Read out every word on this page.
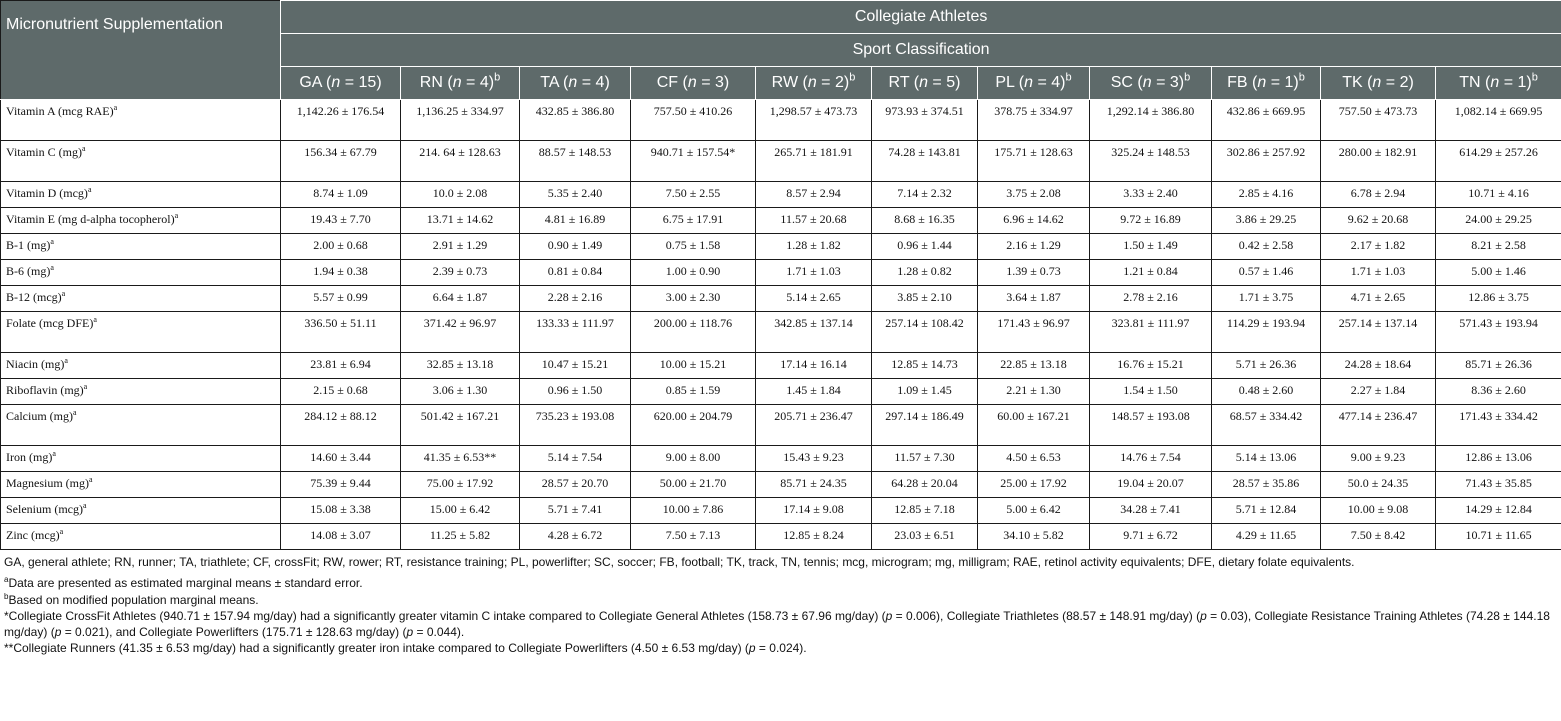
Micronutrient Supplementation	Collegiate Athletes										
	Sport Classification										
	GA (n = 15)	RN (n = 4)$^b$	TA (n = 4)	CF (n = 3)	RW (n = 2)$^b$	RT (n = 5)	PL (n = 4)$^b$	SC (n = 3)$^b$	FB (n = 1)$^b$	TK (n = 2)	TN (n = 1)$^b$
Vitamin A (mcg RAE)$^a$	1,142.26 ± 176.54	1,136.25 ± 334.97	432.85 ± 386.80	757.50 ± 410.26	1,298.57 ± 473.73	973.93 ± 374.51	378.75 ± 334.97	1,292.14 ± 386.80	432.86 ± 669.95	757.50 ± 473.73	1,082.14 ± 669.95
Vitamin C (mg)$^a$	156.34 ± 67.79	214. 64 ± 128.63	88.57 ± 148.53	940.71 ± 157.54*	265.71 ± 181.91	74.28 ± 143.81	175.71 ± 128.63	325.24 ± 148.53	302.86 ± 257.92	280.00 ± 182.91	614.29 ± 257.26
Vitamin D (mcg)$^a$	8.74 ± 1.09	10.0 ± 2.08	5.35 ± 2.40	7.50 ± 2.55	8.57 ± 2.94	7.14 ± 2.32	3.75 ± 2.08	3.33 ± 2.40	2.85 ± 4.16	6.78 ± 2.94	10.71 ± 4.16
Vitamin E (mg d-alpha tocopherol)$^a$	19.43 ± 7.70	13.71 ± 14.62	4.81 ± 16.89	6.75 ± 17.91	11.57 ± 20.68	8.68 ± 16.35	6.96 ± 14.62	9.72 ± 16.89	3.86 ± 29.25	9.62 ± 20.68	24.00 ± 29.25
B-1 (mg)$^a$	2.00 ± 0.68	2.91 ± 1.29	0.90 ± 1.49	0.75 ± 1.58	1.28 ± 1.82	0.96 ± 1.44	2.16 ± 1.29	1.50 ± 1.49	0.42 ± 2.58	2.17 ± 1.82	8.21 ± 2.58
B-6 (mg)$^a$	1.94 ± 0.38	2.39 ± 0.73	0.81 ± 0.84	1.00 ± 0.90	1.71 ± 1.03	1.28 ± 0.82	1.39 ± 0.73	1.21 ± 0.84	0.57 ± 1.46	1.71 ± 1.03	5.00 ± 1.46
B-12 (mcg)$^a$	5.57 ± 0.99	6.64 ± 1.87	2.28 ± 2.16	3.00 ± 2.30	5.14 ± 2.65	3.85 ± 2.10	3.64 ± 1.87	2.78 ± 2.16	1.71 ± 3.75	4.71 ± 2.65	12.86 ± 3.75
Folate (mcg DFE)$^a$	336.50 ± 51.11	371.42 ± 96.97	133.33 ± 111.97	200.00 ± 118.76	342.85 ± 137.14	257.14 ± 108.42	171.43 ± 96.97	323.81 ± 111.97	114.29 ± 193.94	257.14 ± 137.14	571.43 ± 193.94
Niacin (mg)$^a$	23.81 ± 6.94	32.85 ± 13.18	10.47 ± 15.21	10.00 ± 15.21	17.14 ± 16.14	12.85 ± 14.73	22.85 ± 13.18	16.76 ± 15.21	5.71 ± 26.36	24.28 ± 18.64	85.71 ± 26.36
Riboflavin (mg)$^a$	2.15 ± 0.68	3.06 ± 1.30	0.96 ± 1.50	0.85 ± 1.59	1.45 ± 1.84	1.09 ± 1.45	2.21 ± 1.30	1.54 ± 1.50	0.48 ± 2.60	2.27 ± 1.84	8.36 ± 2.60
Calcium (mg)$^a$	284.12 ± 88.12	501.42 ± 167.21	735.23 ± 193.08	620.00 ± 204.79	205.71 ± 236.47	297.14 ± 186.49	60.00 ± 167.21	148.57 ± 193.08	68.57 ± 334.42	477.14 ± 236.47	171.43 ± 334.42
Iron (mg)$^a$	14.60 ± 3.44	41.35 ± 6.53**	5.14 ± 7.54	9.00 ± 8.00	15.43 ± 9.23	11.57 ± 7.30	4.50 ± 6.53	14.76 ± 7.54	5.14 ± 13.06	9.00 ± 9.23	12.86 ± 13.06
Magnesium (mg)$^a$	75.39 ± 9.44	75.00 ± 17.92	28.57 ± 20.70	50.00 ± 21.70	85.71 ± 24.35	64.28 ± 20.04	25.00 ± 17.92	19.04 ± 20.07	28.57 ± 35.86	50.0 ± 24.35	71.43 ± 35.85
Selenium (mcg)$^a$	15.08 ± 3.38	15.00 ± 6.42	5.71 ± 7.41	10.00 ± 7.86	17.14 ± 9.08	12.85 ± 7.18	5.00 ± 6.42	34.28 ± 7.41	5.71 ± 12.84	10.00 ± 9.08	14.29 ± 12.84
Zinc (mcg)$^a$	14.08 ± 3.07	11.25 ± 5.82	4.28 ± 6.72	7.50 ± 7.13	12.85 ± 8.24	23.03 ± 6.51	34.10 ± 5.82	9.71 ± 6.72	4.29 ± 11.65	7.50 ± 8.42	10.71 ± 11.65

GA, general athlete; RN, runner; TA, triathlete; CF, crossFit; RW, rower; RT, resistance training; PL, powerlifter; SC, soccer; FB, football; TK, track, TN, tennis; mcg, microgram; mg, milligram; RAE, retinol activity equivalents; DFE, dietary folate equivalents.

$^a$Data are presented as estimated marginal means ± standard error.

$^b$Based on modified population marginal means.

*Collegiate CrossFit Athletes (940.71 ± 157.94 mg/day) had a significantly greater vitamin C intake compared to Collegiate General Athletes (158.73 ± 67.96 mg/day) (p = 0.006), Collegiate Triathletes (88.57 ± 148.91 mg/day) (p = 0.03), Collegiate Resistance Training Athletes (74.28 ± 144.18 mg/day) (p = 0.021), and Collegiate Powerlifters (175.71 ± 128.63 mg/day) (p = 0.044).

**Collegiate Runners (41.35 ± 6.53 mg/day) had a significantly greater iron intake compared to Collegiate Powerlifters (4.50 ± 6.53 mg/day) (p = 0.024).
